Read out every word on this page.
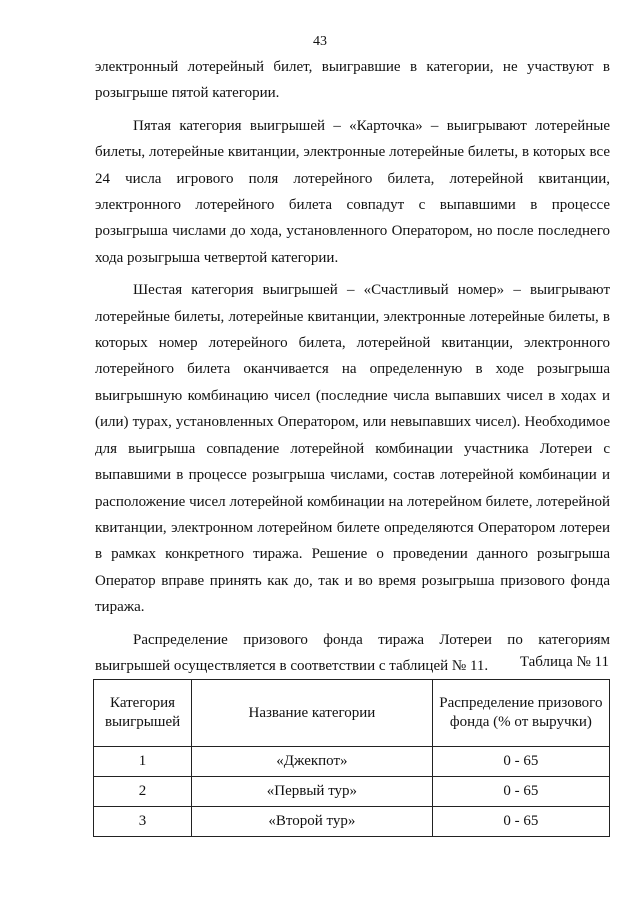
43

электронный лотерейный билет, выигравшие в категории, не участвуют в розыгрыше пятой категории.

Пятая категория выигрышей – «Карточка» – выигрывают лотерейные билеты, лотерейные квитанции, электронные лотерейные билеты, в которых все 24 числа игрового поля лотерейного билета, лотерейной квитанции, электронного лотерейного билета совпадут с выпавшими в процессе розыгрыша числами до хода, установленного Оператором, но после последнего хода розыгрыша четвертой категории.

Шестая категория выигрышей – «Счастливый номер» – выигрывают лотерейные билеты, лотерейные квитанции, электронные лотерейные билеты, в которых номер лотерейного билета, лотерейной квитанции, электронного лотерейного билета оканчивается на определенную в ходе розыгрыша выигрышную комбинацию чисел (последние числа выпавших чисел в ходах и (или) турах, установленных Оператором, или невыпавших чисел). Необходимое для выигрыша совпадение лотерейной комбинации участника Лотереи с выпавшими в процессе розыгрыша числами, состав лотерейной комбинации и расположение чисел лотерейной комбинации на лотерейном билете, лотерейной квитанции, электронном лотерейном билете определяются Оператором лотереи в рамках конкретного тиража. Решение о проведении данного розыгрыша Оператор вправе принять как до, так и во время розыгрыша призового фонда тиража.

Распределение призового фонда тиража Лотереи по категориям выигрышей осуществляется в соответствии с таблицей № 11.	Таблица № 11
Категория выигрышей	Название категории	Распределение призового фонда (% от выручки)
1	«Джекпот»	0 - 65
2	«Первый тур»	0 - 65
3	«Второй тур»	0 - 65
